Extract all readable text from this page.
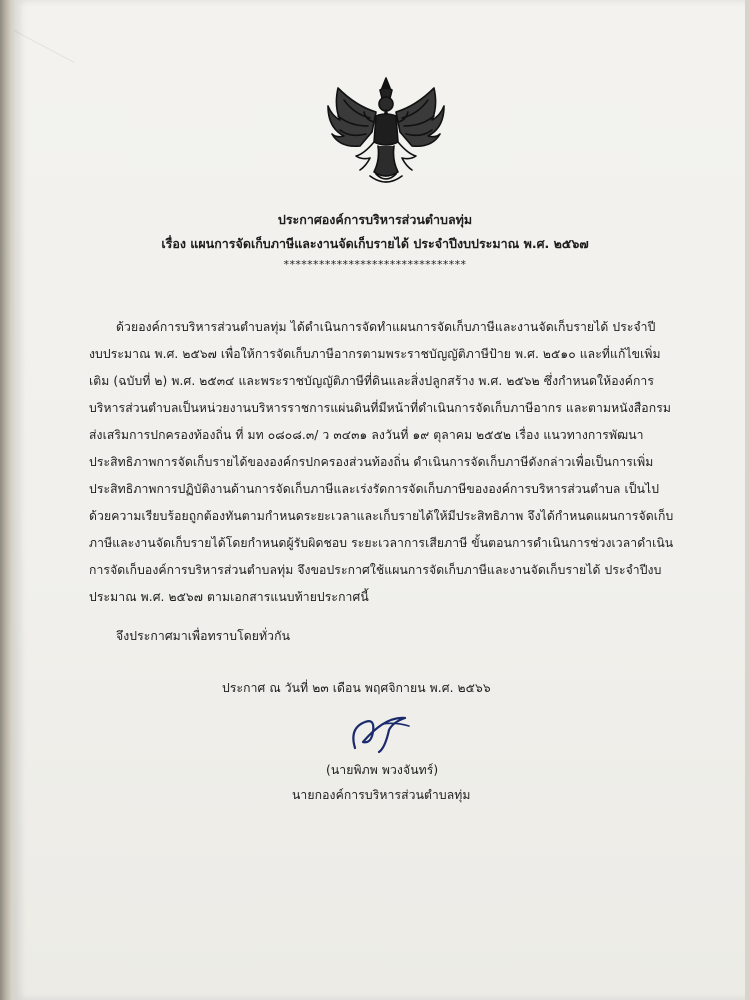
ประกาศองค์การบริหารส่วนตำบลทุ่ม
เรื่อง แผนการจัดเก็บภาษีและงานจัดเก็บรายได้ ประจำปีงบประมาณ พ.ศ. ๒๕๖๗
*******************************
ด้วยองค์การบริหารส่วนตำบลทุ่ม ได้ดำเนินการจัดทำแผนการจัดเก็บภาษีและงานจัดเก็บรายได้ ประจำปี
งบประมาณ พ.ศ. ๒๕๖๗ เพื่อให้การจัดเก็บภาษีอากรตามพระราชบัญญัติภาษีป้าย พ.ศ. ๒๕๑๐ และที่แก้ไขเพิ่ม
เติม (ฉบับที่ ๒) พ.ศ. ๒๕๓๔ และพระราชบัญญัติภาษีที่ดินและสิ่งปลูกสร้าง พ.ศ. ๒๕๖๒ ซึ่งกำหนดให้องค์การ
บริหารส่วนตำบลเป็นหน่วยงานบริหารราชการแผ่นดินที่มีหน้าที่ดำเนินการจัดเก็บภาษีอากร และตามหนังสือกรม
ส่งเสริมการปกครองท้องถิ่น ที่ มท ๐๘๐๘.๓/ ว ๓๔๓๑ ลงวันที่ ๑๙ ตุลาคม ๒๕๕๒ เรื่อง แนวทางการพัฒนา
ประสิทธิภาพการจัดเก็บรายได้ขององค์กรปกครองส่วนท้องถิ่น ดำเนินการจัดเก็บภาษีดังกล่าวเพื่อเป็นการเพิ่ม
ประสิทธิภาพการปฏิบัติงานด้านการจัดเก็บภาษีและเร่งรัดการจัดเก็บภาษีขององค์การบริหารส่วนตำบล เป็นไป
ด้วยความเรียบร้อยถูกต้องทันตามกำหนดระยะเวลาและเก็บรายได้ให้มีประสิทธิภาพ จึงได้กำหนดแผนการจัดเก็บ
ภาษีและงานจัดเก็บรายได้โดยกำหนดผู้รับผิดชอบ ระยะเวลาการเสียภาษี ขั้นตอนการดำเนินการช่วงเวลาดำเนิน
การจัดเก็บองค์การบริหารส่วนตำบลทุ่ม จึงขอประกาศใช้แผนการจัดเก็บภาษีและงานจัดเก็บรายได้ ประจำปีงบ
ประมาณ พ.ศ. ๒๕๖๗ ตามเอกสารแนบท้ายประกาศนี้
จึงประกาศมาเพื่อทราบโดยทั่วกัน
ประกาศ ณ วันที่ ๒๓ เดือน พฤศจิกายน พ.ศ. ๒๕๖๖
(นายพิภพ พวงจันทร์)
นายกองค์การบริหารส่วนตำบลทุ่ม
